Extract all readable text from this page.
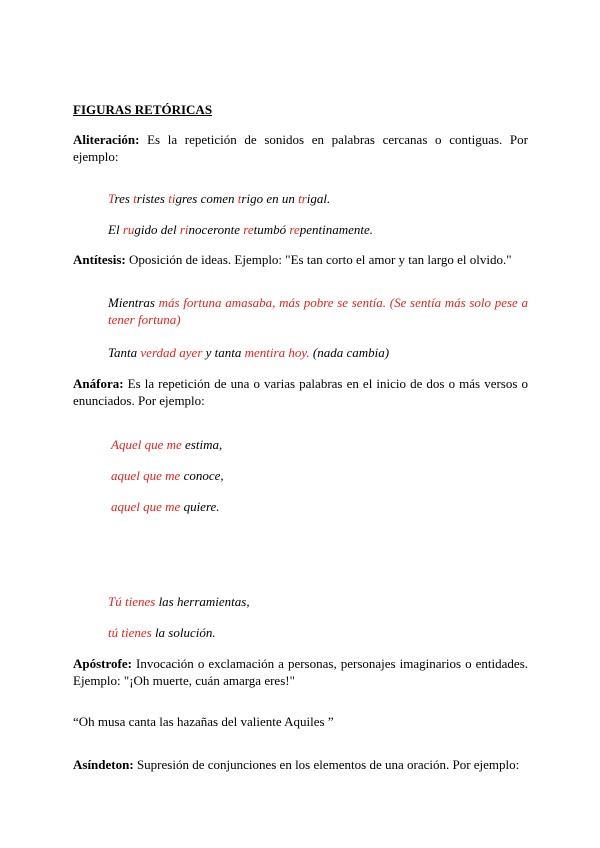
FIGURAS RETÓRICAS
Aliteración: Es la repetición de sonidos en palabras cercanas o contiguas. Por ejemplo:
Tres tristes tigres comen trigo en un trigal.
El rugido del rinoceronte retumbó repentinamente.
Antítesis: Oposición de ideas. Ejemplo: "Es tan corto el amor y tan largo el olvido."
Mientras más fortuna amasaba, más pobre se sentía. (Se sentía más solo pese a tener fortuna)
Tanta verdad ayer y tanta mentira hoy. (nada cambia)
Anáfora: Es la repetición de una o varias palabras en el inicio de dos o más versos o enunciados. Por ejemplo:
Aquel que me estima,
aquel que me conoce,
aquel que me quiere.
Tú tienes las herramientas,
tú tienes la solución.
Apóstrofe: Invocación o exclamación a personas, personajes imaginarios o entidades. Ejemplo: "¡Oh muerte, cuán amarga eres!"
“Oh musa canta las hazañas del valiente Aquiles ”
Asíndeton: Supresión de conjunciones en los elementos de una oración. Por ejemplo:
